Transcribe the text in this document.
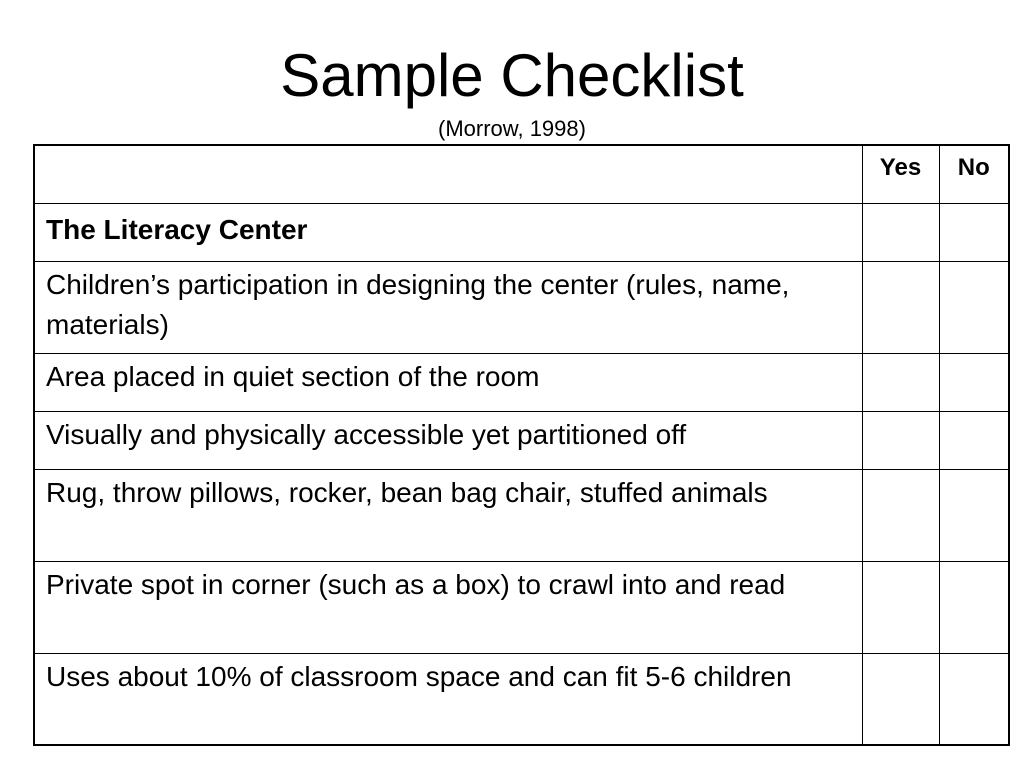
Sample Checklist
(Morrow, 1998)
	Yes	No
The Literacy Center		
Children’s participation in designing the center (rules, name, materials)		
Area placed in quiet section of the room		
Visually and physically accessible yet partitioned off		
Rug, throw pillows, rocker, bean bag chair, stuffed animals		
Private spot in corner (such as a box) to crawl into and read		
Uses about 10% of classroom space and can fit 5-6 children		
